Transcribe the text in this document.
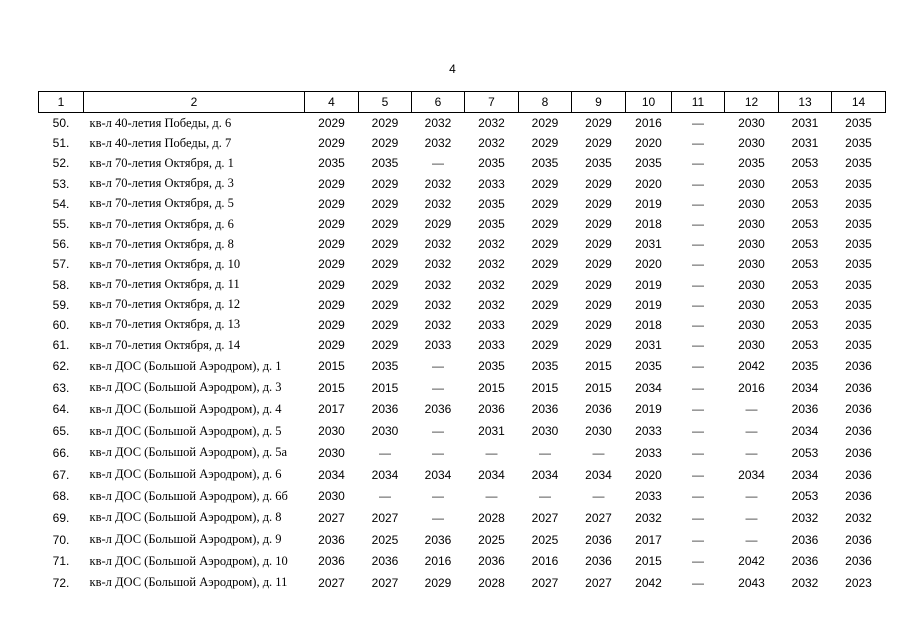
4
1	2	4	5	6	7	8	9	10	11	12	13	14
50.	кв-л 40-летия Победы, д. 6	2029	2029	2032	2032	2029	2029	2016	—	2030	2031	2035
51.	кв-л 40-летия Победы, д. 7	2029	2029	2032	2032	2029	2029	2020	—	2030	2031	2035
52.	кв-л 70-летия Октября, д. 1	2035	2035	—	2035	2035	2035	2035	—	2035	2053	2035
53.	кв-л 70-летия Октября, д. 3	2029	2029	2032	2033	2029	2029	2020	—	2030	2053	2035
54.	кв-л 70-летия Октября, д. 5	2029	2029	2032	2035	2029	2029	2019	—	2030	2053	2035
55.	кв-л 70-летия Октября, д. 6	2029	2029	2029	2035	2029	2029	2018	—	2030	2053	2035
56.	кв-л 70-летия Октября, д. 8	2029	2029	2032	2032	2029	2029	2031	—	2030	2053	2035
57.	кв-л 70-летия Октября, д. 10	2029	2029	2032	2032	2029	2029	2020	—	2030	2053	2035
58.	кв-л 70-летия Октября, д. 11	2029	2029	2032	2032	2029	2029	2019	—	2030	2053	2035
59.	кв-л 70-летия Октября, д. 12	2029	2029	2032	2032	2029	2029	2019	—	2030	2053	2035
60.	кв-л 70-летия Октября, д. 13	2029	2029	2032	2033	2029	2029	2018	—	2030	2053	2035
61.	кв-л 70-летия Октября, д. 14	2029	2029	2033	2033	2029	2029	2031	—	2030	2053	2035
62.	кв-л ДОС (Большой Аэродром), д. 1	2015	2035	—	2035	2035	2015	2035	—	2042	2035	2036
63.	кв-л ДОС (Большой Аэродром), д. 3	2015	2015	—	2015	2015	2015	2034	—	2016	2034	2036
64.	кв-л ДОС (Большой Аэродром), д. 4	2017	2036	2036	2036	2036	2036	2019	—	—	2036	2036
65.	кв-л ДОС (Большой Аэродром), д. 5	2030	2030	—	2031	2030	2030	2033	—	—	2034	2036
66.	кв-л ДОС (Большой Аэродром), д. 5а	2030	—	—	—	—	—	2033	—	—	2053	2036
67.	кв-л ДОС (Большой Аэродром), д. 6	2034	2034	2034	2034	2034	2034	2020	—	2034	2034	2036
68.	кв-л ДОС (Большой Аэродром), д. 6б	2030	—	—	—	—	—	2033	—	—	2053	2036
69.	кв-л ДОС (Большой Аэродром), д. 8	2027	2027	—	2028	2027	2027	2032	—	—	2032	2032
70.	кв-л ДОС (Большой Аэродром), д. 9	2036	2025	2036	2025	2025	2036	2017	—	—	2036	2036
71.	кв-л ДОС (Большой Аэродром), д. 10	2036	2036	2016	2036	2016	2036	2015	—	2042	2036	2036
72.	кв-л ДОС (Большой Аэродром), д. 11	2027	2027	2029	2028	2027	2027	2042	—	2043	2032	2023
